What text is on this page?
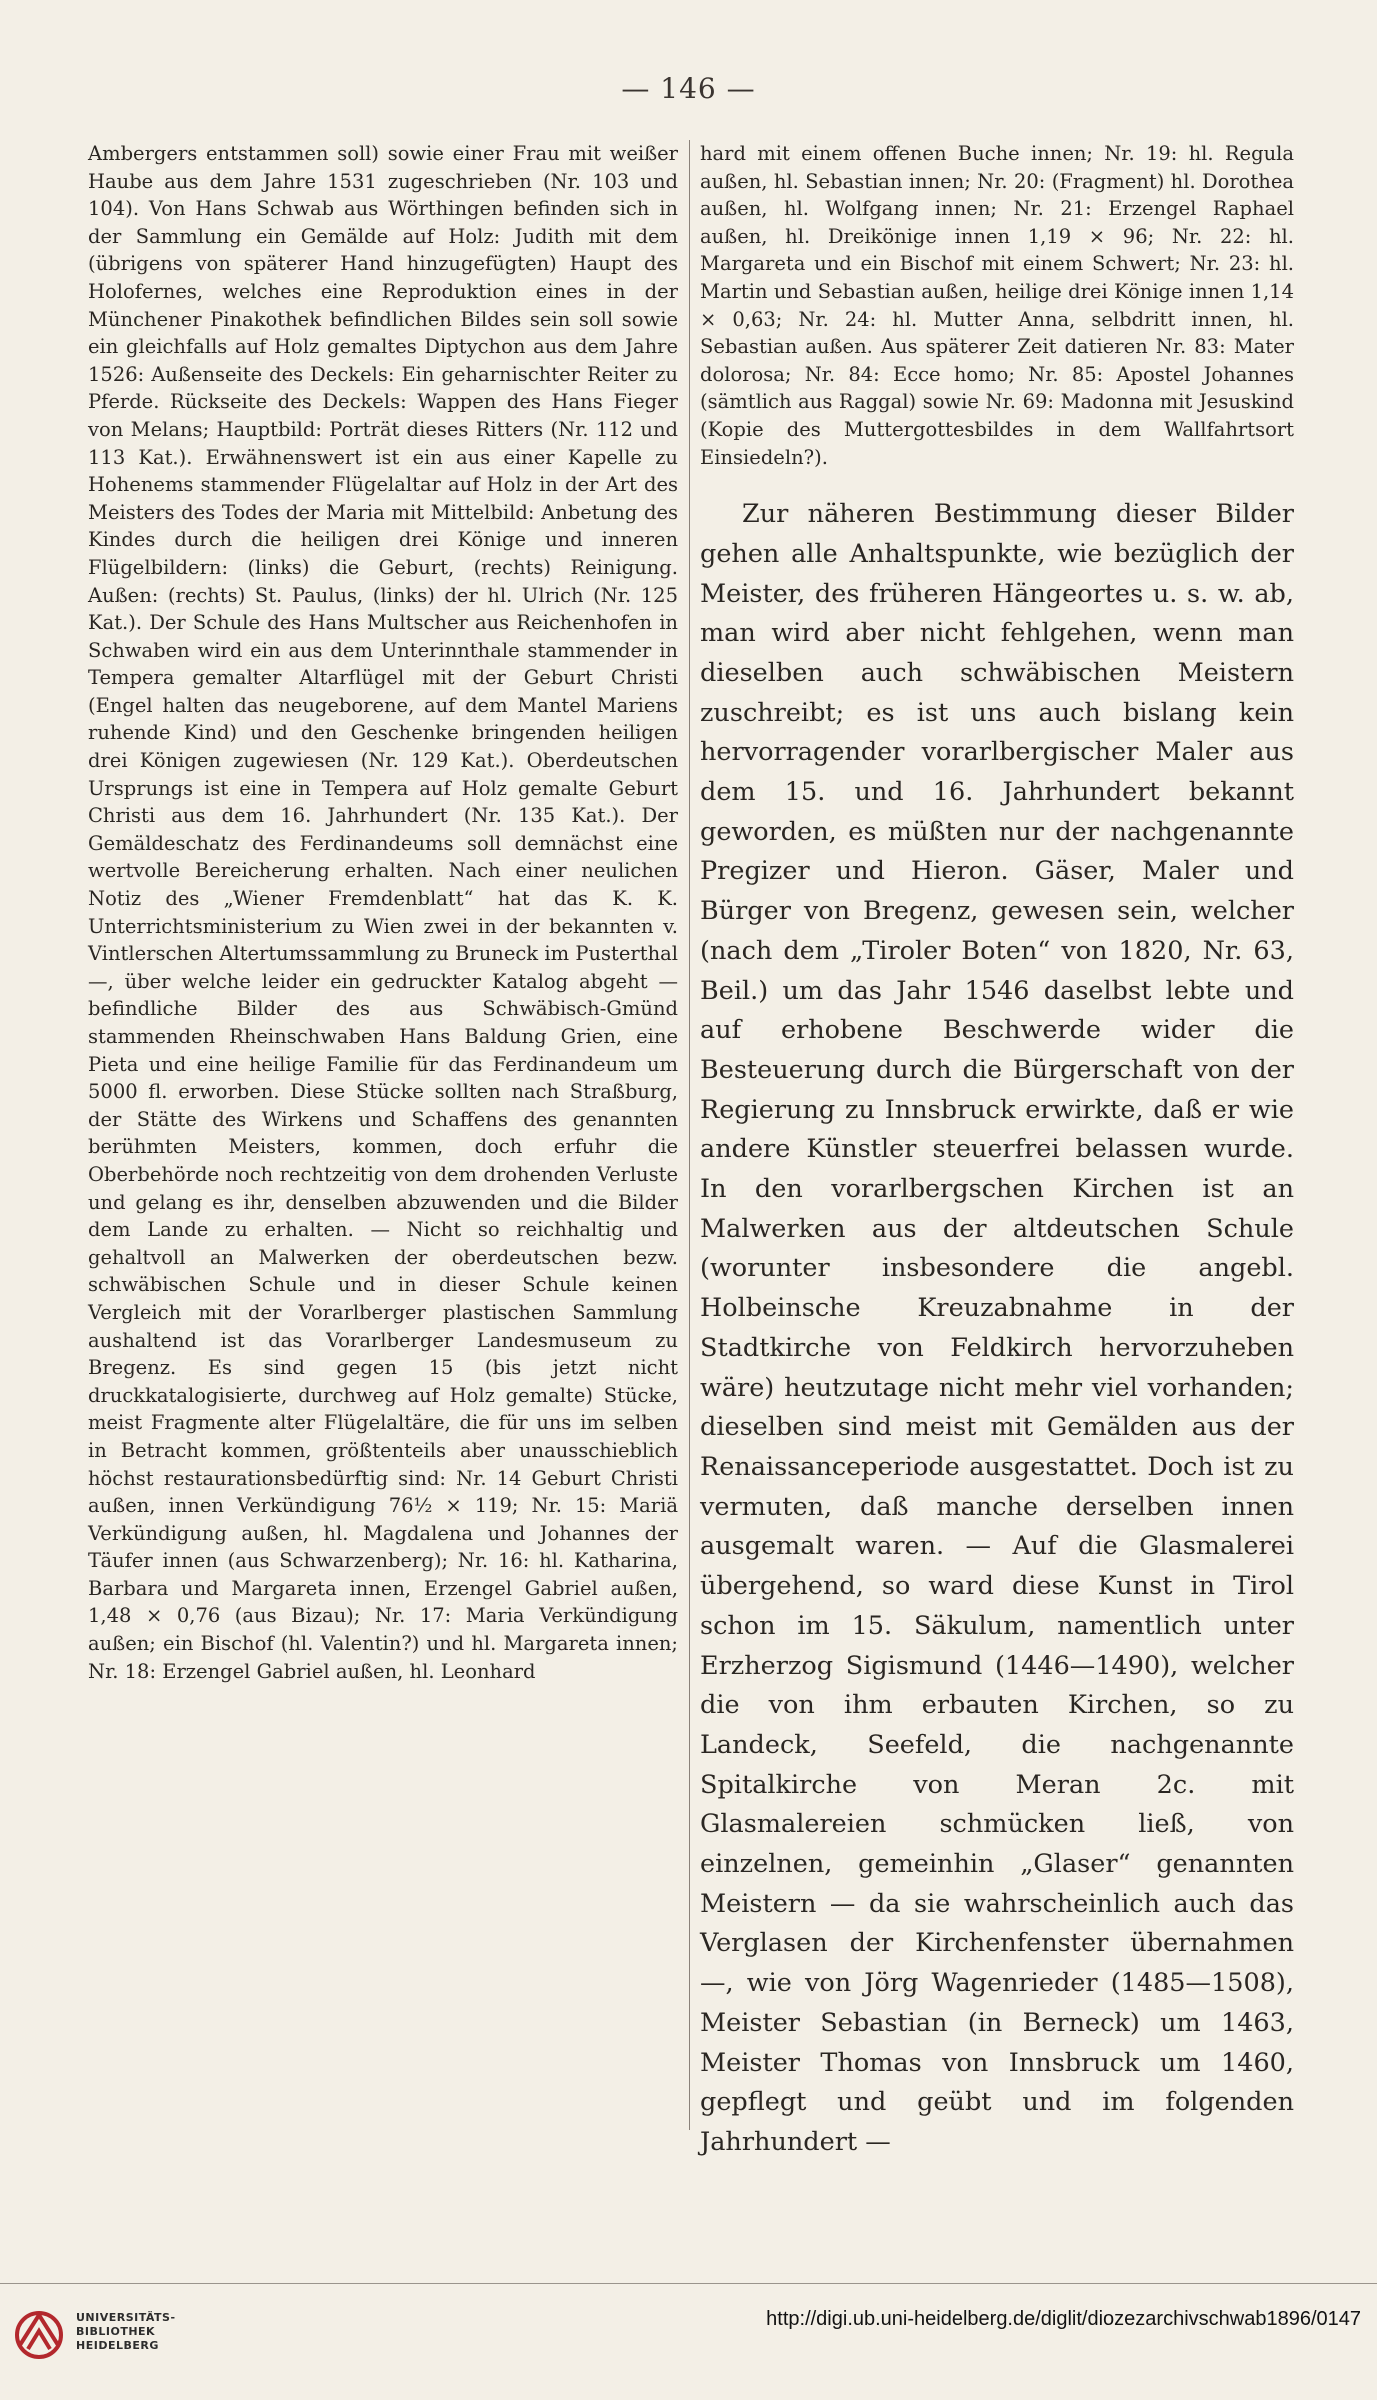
— 146 —

Ambergers entstammen soll) sowie einer Frau mit weißer Haube aus dem Jahre 1531 zugeschrieben (Nr. 103 und 104). Von Hans Schwab aus Wörthingen befinden sich in der Sammlung ein Gemälde auf Holz: Judith mit dem (übrigens von späterer Hand hinzugefügten) Haupt des Holofernes, welches eine Reproduktion eines in der Münchener Pinakothek befindlichen Bildes sein soll sowie ein gleichfalls auf Holz gemaltes Diptychon aus dem Jahre 1526: Außenseite des Deckels: Ein geharnischter Reiter zu Pferde. Rückseite des Deckels: Wappen des Hans Fieger von Melans; Hauptbild: Porträt dieses Ritters (Nr. 112 und 113 Kat.). Erwähnenswert ist ein aus einer Kapelle zu Hohenems stammender Flügelaltar auf Holz in der Art des Meisters des Todes der Maria mit Mittelbild: Anbetung des Kindes durch die heiligen drei Könige und inneren Flügelbildern: (links) die Geburt, (rechts) Reinigung. Außen: (rechts) St. Paulus, (links) der hl. Ulrich (Nr. 125 Kat.). Der Schule des Hans Multscher aus Reichenhofen in Schwaben wird ein aus dem Unterinnthale stammender in Tempera gemalter Altarflügel mit der Geburt Christi (Engel halten das neugeborene, auf dem Mantel Mariens ruhende Kind) und den Geschenke bringenden heiligen drei Königen zugewiesen (Nr. 129 Kat.). Oberdeutschen Ursprungs ist eine in Tempera auf Holz gemalte Geburt Christi aus dem 16. Jahrhundert (Nr. 135 Kat.). Der Gemäldeschatz des Ferdinandeums soll demnächst eine wertvolle Bereicherung erhalten. Nach einer neulichen Notiz des „Wiener Fremdenblatt“ hat das K. K. Unterrichtsministerium zu Wien zwei in der bekannten v. Vintlerschen Altertumssammlung zu Bruneck im Pusterthal —, über welche leider ein gedruckter Katalog abgeht — befindliche Bilder des aus Schwäbisch-Gmünd stammenden Rheinschwaben Hans Baldung Grien, eine Pieta und eine heilige Familie für das Ferdinandeum um 5000 fl. erworben. Diese Stücke sollten nach Straßburg, der Stätte des Wirkens und Schaffens des genannten berühmten Meisters, kommen, doch erfuhr die Oberbehörde noch rechtzeitig von dem drohenden Verluste und gelang es ihr, denselben abzuwenden und die Bilder dem Lande zu erhalten. — Nicht so reichhaltig und gehaltvoll an Malwerken der oberdeutschen bezw. schwäbischen Schule und in dieser Schule keinen Vergleich mit der Vorarlberger plastischen Sammlung aushaltend ist das Vorarlberger Landesmuseum zu Bregenz. Es sind gegen 15 (bis jetzt nicht druckkatalogisierte, durchweg auf Holz gemalte) Stücke, meist Fragmente alter Flügelaltäre, die für uns im selben in Betracht kommen, größtenteils aber unausschieblich höchst restaurationsbedürftig sind: Nr. 14 Geburt Christi außen, innen Verkündigung 76½ × 119; Nr. 15: Mariä Verkündigung außen, hl. Magdalena und Johannes der Täufer innen (aus Schwarzenberg); Nr. 16: hl. Katharina, Barbara und Margareta innen, Erzengel Gabriel außen, 1,48 × 0,76 (aus Bizau); Nr. 17: Maria Verkündigung außen; ein Bischof (hl. Valentin?) und hl. Margareta innen; Nr. 18: Erzengel Gabriel außen, hl. Leonhard

hard mit einem offenen Buche innen; Nr. 19: hl. Regula außen, hl. Sebastian innen; Nr. 20: (Fragment) hl. Dorothea außen, hl. Wolfgang innen; Nr. 21: Erzengel Raphael außen, hl. Dreikönige innen 1,19 × 96; Nr. 22: hl. Margareta und ein Bischof mit einem Schwert; Nr. 23: hl. Martin und Sebastian außen, heilige drei Könige innen 1,14 × 0,63; Nr. 24: hl. Mutter Anna, selbdritt innen, hl. Sebastian außen. Aus späterer Zeit datieren Nr. 83: Mater dolorosa; Nr. 84: Ecce homo; Nr. 85: Apostel Johannes (sämtlich aus Raggal) sowie Nr. 69: Madonna mit Jesuskind (Kopie des Muttergottesbildes in dem Wallfahrtsort Einsiedeln?).

Zur näheren Bestimmung dieser Bilder gehen alle Anhaltspunkte, wie bezüglich der Meister, des früheren Hängeortes u. s. w. ab, man wird aber nicht fehlgehen, wenn man dieselben auch schwäbischen Meistern zuschreibt; es ist uns auch bislang kein hervorragender vorarlbergischer Maler aus dem 15. und 16. Jahrhundert bekannt geworden, es müßten nur der nachgenannte Pregizer und Hieron. Gäser, Maler und Bürger von Bregenz, gewesen sein, welcher (nach dem „Tiroler Boten“ von 1820, Nr. 63, Beil.) um das Jahr 1546 daselbst lebte und auf erhobene Beschwerde wider die Besteuerung durch die Bürgerschaft von der Regierung zu Innsbruck erwirkte, daß er wie andere Künstler steuerfrei belassen wurde. In den vorarlbergschen Kirchen ist an Malwerken aus der altdeutschen Schule (worunter insbesondere die angebl. Holbeinsche Kreuzabnahme in der Stadtkirche von Feldkirch hervorzuheben wäre) heutzutage nicht mehr viel vorhanden; dieselben sind meist mit Gemälden aus der Renaissanceperiode ausgestattet. Doch ist zu vermuten, daß manche derselben innen ausgemalt waren. — Auf die Glasmalerei übergehend, so ward diese Kunst in Tirol schon im 15. Säkulum, namentlich unter Erzherzog Sigismund (1446—1490), welcher die von ihm erbauten Kirchen, so zu Landeck, Seefeld, die nachgenannte Spitalkirche von Meran 2c. mit Glasmalereien schmücken ließ, von einzelnen, gemeinhin „Glaser“ genannten Meistern — da sie wahrscheinlich auch das Verglasen der Kirchenfenster übernahmen —, wie von Jörg Wagenrieder (1485—1508), Meister Sebastian (in Berneck) um 1463, Meister Thomas von Innsbruck um 1460, gepflegt und geübt und im folgenden Jahrhundert —

UNIVERSITÄTS-
BIBLIOTHEK
HEIDELBERG
http://digi.ub.uni-heidelberg.de/diglit/diozezarchivschwab1896/0147
